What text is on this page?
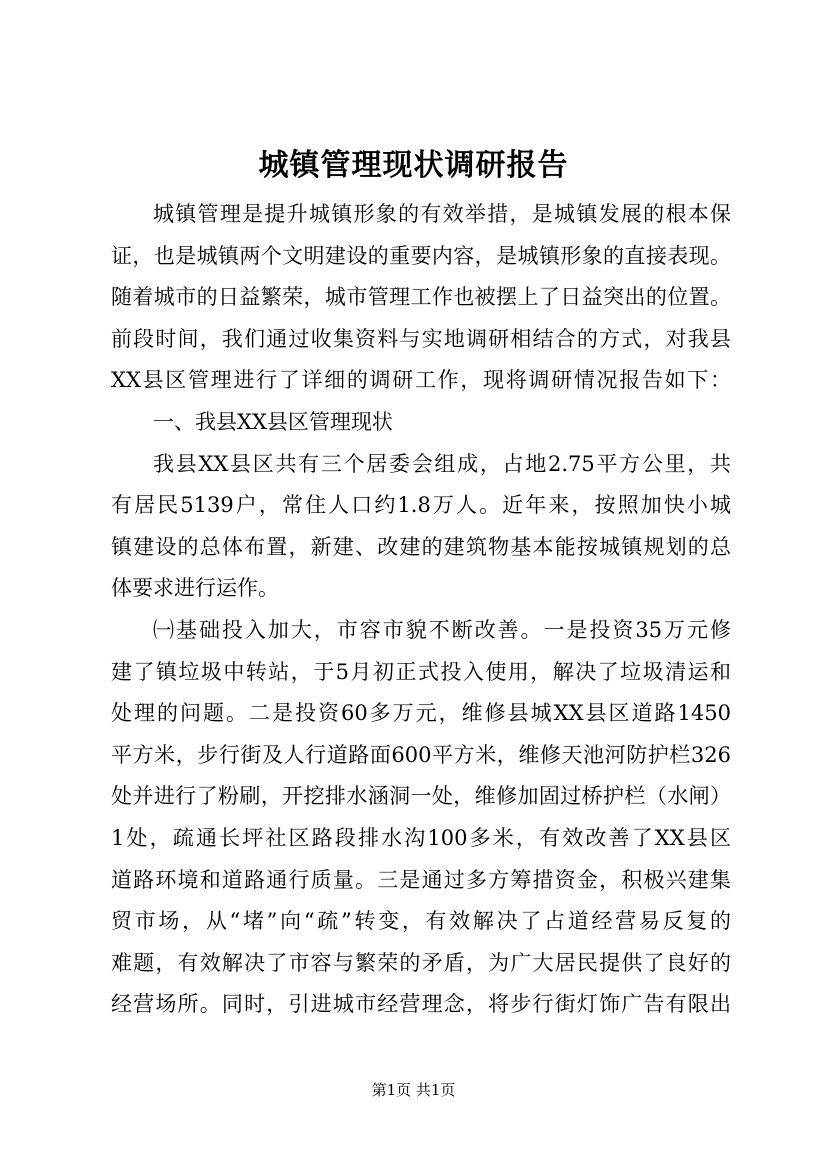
城镇管理现状调研报告
城镇管理是提升城镇形象的有效举措，是城镇发展的根本保
证，也是城镇两个文明建设的重要内容，是城镇形象的直接表现。
随着城市的日益繁荣，城市管理工作也被摆上了日益突出的位置。
前段时间，我们通过收集资料与实地调研相结合的方式，对我县
XX县区管理进行了详细的调研工作，现将调研情况报告如下：
一、我县XX县区管理现状
我县XX县区共有三个居委会组成，占地2.75平方公里，共
有居民5139户，常住人口约1.8万人。近年来，按照加快小城
镇建设的总体布置，新建、改建的建筑物基本能按城镇规划的总
体要求进行运作。
㈠基础投入加大，市容市貌不断改善。一是投资35万元修
建了镇垃圾中转站，于5月初正式投入使用，解决了垃圾清运和
处理的问题。二是投资60多万元，维修县城XX县区道路1450
平方米，步行街及人行道路面600平方米，维修天池河防护栏326
处并进行了粉刷，开挖排水涵洞一处，维修加固过桥护栏（水闸）
1处，疏通长坪社区路段排水沟100多米，有效改善了XX县区
道路环境和道路通行质量。三是通过多方筹措资金，积极兴建集
贸市场，从“堵”向“疏”转变，有效解决了占道经营易反复的
难题，有效解决了市容与繁荣的矛盾，为广大居民提供了良好的
经营场所。同时，引进城市经营理念，将步行街灯饰广告有限出
第1页 共1页
